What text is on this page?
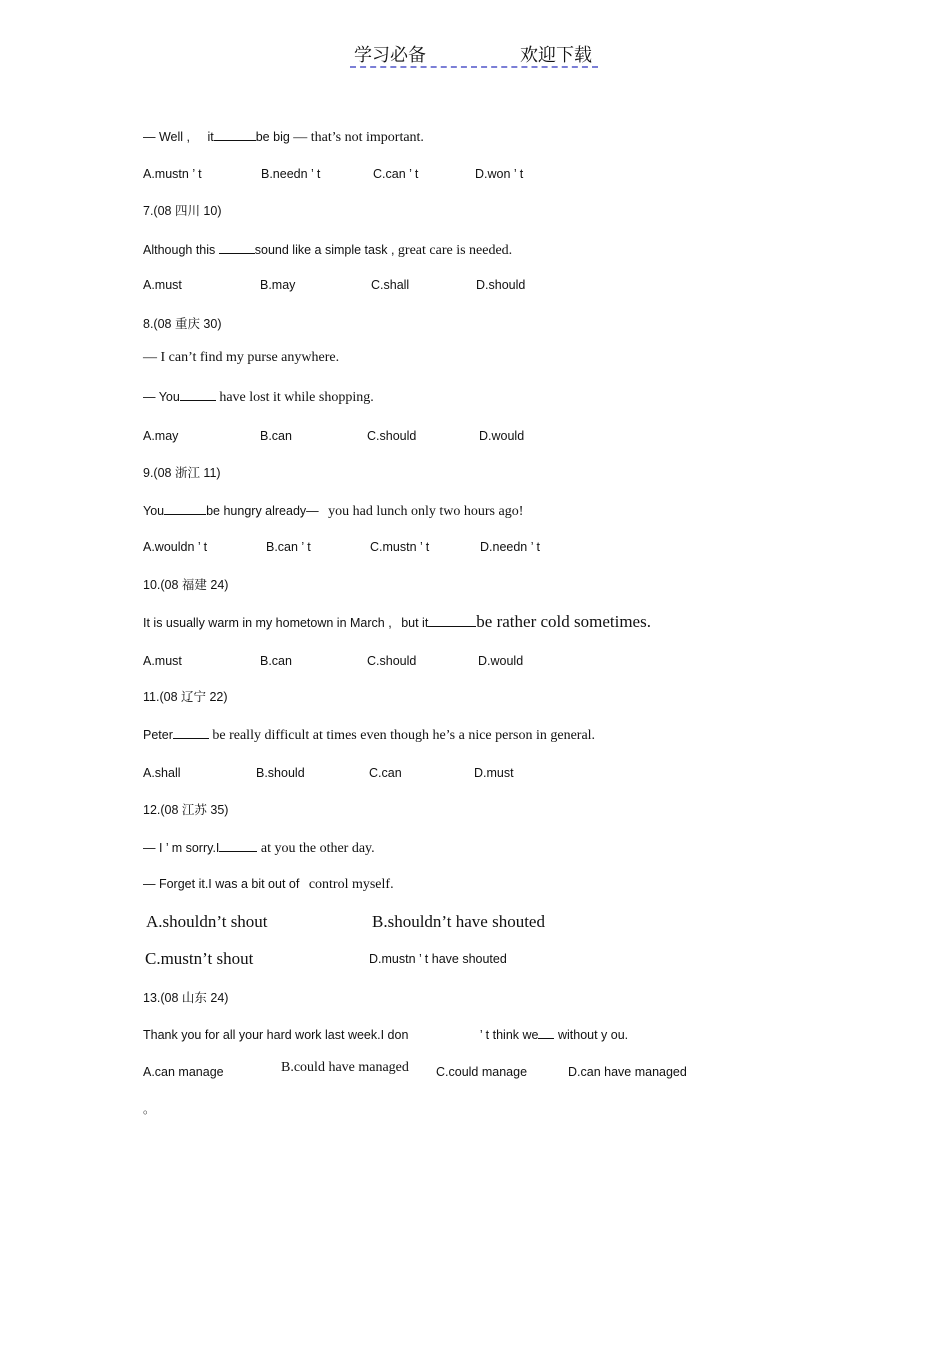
学习必备	欢迎下载
— Well , it	be big — that’s not important.
A.mustn ’ t	B.needn ’ t	C.can ’ t	D.won ’ t
7.(08 四川 10)
Although this	sound like a simple task , great care is needed.
A.must	B.may	C.shall	D.should
8.(08 重庆 30)
— I can’t find my purse anywhere.
— You	have lost it while shopping.
A.may	B.can	C.should	D.would
9.(08 浙江 11)
You	be hungry already— you had lunch only two hours ago!
A.wouldn ’ t	B.can ’ t	C.mustn ’ t	D.needn ’ t
10.(08 福建 24)
It is usually warm in my hometown in March , but it	be rather cold sometimes.
A.must	B.can	C.should	D.would
11.(08 辽宁 22)
Peter	be really difficult at times even though he’s a nice person in general.
A.shall	B.should	C.can	D.must
12.(08 江苏 35)
— I ’ m sorry.I	at you the other day.
— Forget it.I was a bit out of control myself.
A.shouldn’t shout	B.shouldn’t have shouted
C.mustn’t shout	D.mustn ’ t have shouted
13.(08 山东 24)
Thank you for all your hard work last week.I don	’ t think we without y ou.
A.can manage	B.could have managed C.could manage	D.can have managed
。
